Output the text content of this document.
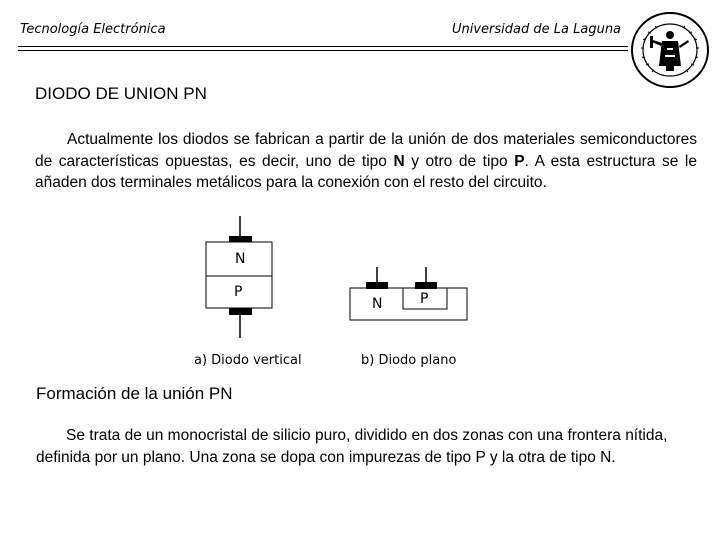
Tecnología Electrónica	Universidad de La Laguna
DIODO DE UNION PN
Actualmente los diodos se fabrican a partir de la unión de dos materiales semiconductores de características opuestas, es decir, uno de tipo N y otro de tipo P. A esta estructura se le añaden dos terminales metálicos para la conexión con el resto del circuito.
N
P
a) Diodo vertical
N	P
b) Diodo plano
Formación de la unión PN

Se trata de un monocristal de silicio puro, dividido en dos zonas con una frontera nítida, definida por un plano. Una zona se dopa con impurezas de tipo P y la otra de tipo N.
